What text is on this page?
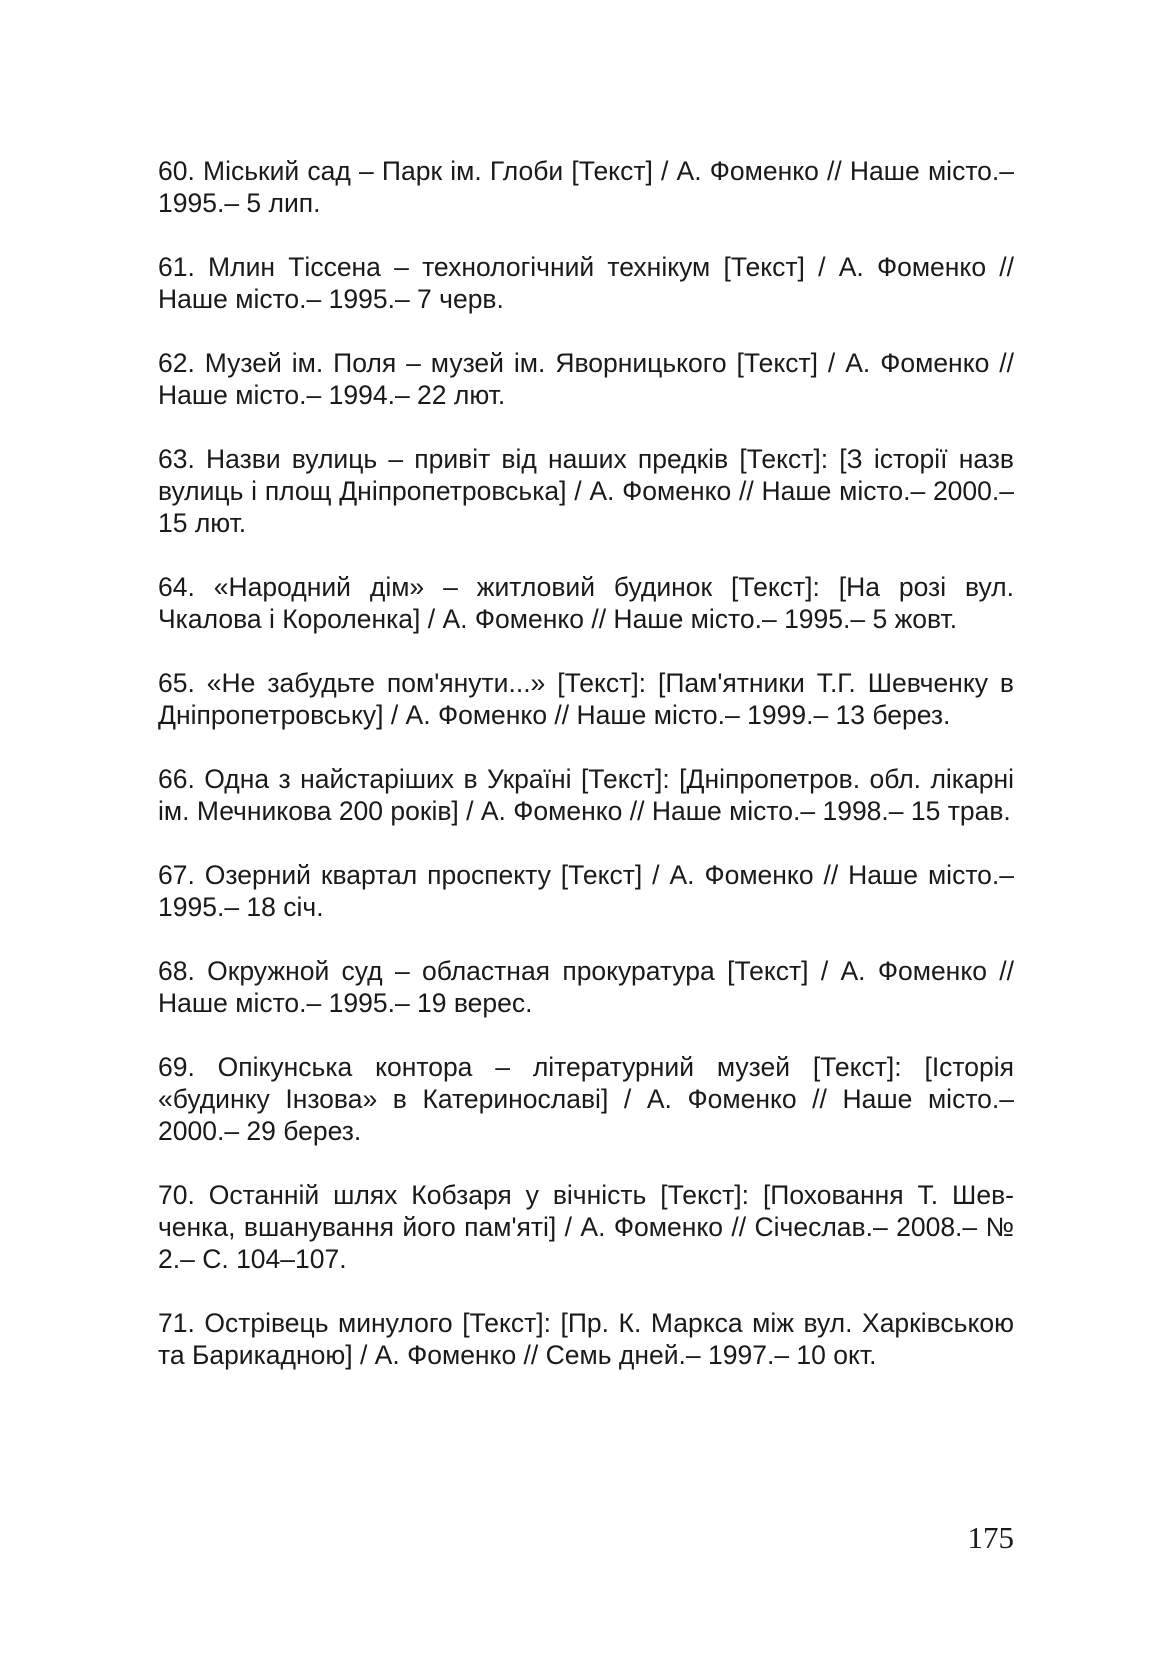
60. Міський сад – Парк ім. Глоби [Текст] / А. Фоменко // Наше місто.– 1995.– 5 лип.

61. Млин Тіссена – технологічний технікум [Текст] / А. Фоменко // Наше місто.– 1995.– 7 черв.

62. Музей ім. Поля – музей ім. Яворницького [Текст] / А. Фоменко // Наше місто.– 1994.– 22 лют.

63. Назви вулиць – привіт від наших предків [Текст]: [З історії назв вулиць і площ Дніпропетровська] / А. Фоменко // Наше місто.– 2000.– 15 лют.

64. «Народний дім» – житловий будинок [Текст]: [На розі вул. Чкалова і Короленка] / А. Фоменко // Наше місто.– 1995.– 5 жовт.

65. «Не забудьте пом'янути...» [Текст]: [Пам'ятники Т.Г. Шевченку в Дніпропетровську] / А. Фоменко // Наше місто.– 1999.– 13 берез.

66. Одна з найстаріших в Україні [Текст]: [Дніпропетров. обл. лікарні ім. Мечникова 200 років] / А. Фоменко // Наше місто.– 1998.– 15 трав.

67. Озерний квартал проспекту [Текст] / А. Фоменко // Наше місто.– 1995.– 18 січ.

68. Окружной суд – областная прокуратура [Текст] / А. Фоменко // Наше місто.– 1995.– 19 верес.

69. Опікунська контора – літературний музей [Текст]: [Історія «будинку Інзова» в Катеринославі] / А. Фоменко // Наше місто.– 2000.– 29 берез.

70. Останній шлях Кобзаря у вічність [Текст]: [Поховання Т. Шевченка, вшанування його пам'яті] / А. Фоменко // Січеслав.– 2008.– № 2.– С. 104–107.

71. Острівець минулого [Текст]: [Пр. К. Маркса між вул. Харківською та Барикадною] / А. Фоменко // Семь дней.– 1997.– 10 окт.

175
